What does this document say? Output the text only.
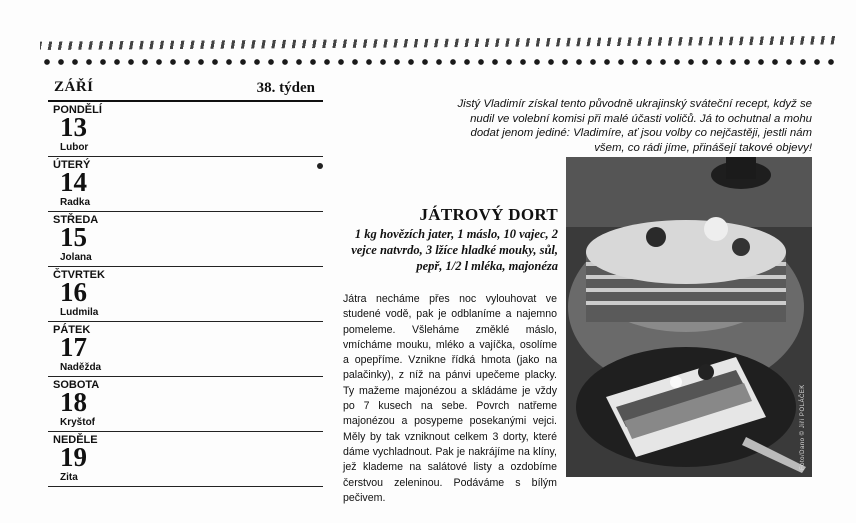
ZÁŘÍ	38. týden
PONDĚLÍ
13
Lubor
ÚTERÝ
14
Radka
STŘEDA
15
Jolana
ČTVRTEK
16
Ludmila
PÁTEK
17
Naděžda
SOBOTA
18
Kryštof
NEDĚLE
19
Zita
Jistý Vladimír získal tento původně ukrajinský sváteční recept, když se nudil ve volební komisi při malé účasti voličů. Já to ochutnal a mohu dodat jenom jediné: Vladimíre, ať jsou volby co nejčastěji, jestli nám všem, co rádi jíme, přinášejí takové objevy!
JÁTROVÝ DORT
1 kg hovězích jater, 1 máslo, 10 vajec, 2 vejce natvrdo, 3 lžíce hladké mouky, sůl, pepř, 1/2 l mléka, majonéza
Játra necháme přes noc vylouhovat ve studené vodě, pak je odblaníme a najemno pomeleme. Všleháme změklé máslo, vmícháme mouku, mléko a vajíčka, osolíme a opepříme. Vznikne řídká hmota (jako na palačinky), z níž na pánvi upečeme placky. Ty mažeme majonézou a skládáme je vždy po 7 kusech na sebe. Povrch natřeme majonézou a posypeme posekanými vejci. Měly by tak vzniknout celkem 3 dorty, které dáme vychladnout. Pak je nakrájíme na klíny, jež klademe na salátové listy a ozdobíme čerstvou zeleninou. Podáváme s bílým pečivem.
Foto/Dano © Jiří POLÁČEK
